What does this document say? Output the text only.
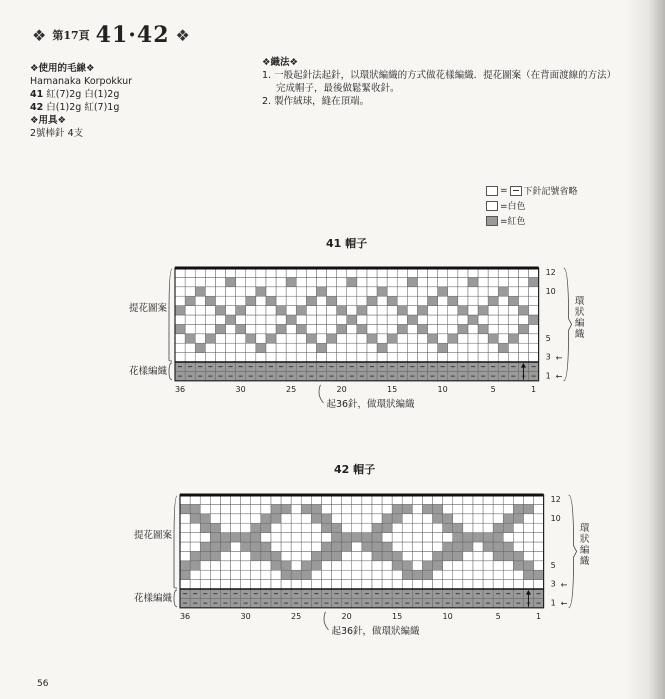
❖ 第17頁 41·42 ❖
❖使用的毛線❖
Hamanaka Korpokkur
41 紅(7)2g 白(1)2g
42 白(1)2g 紅(7)1g
❖用具❖
2號棒針 4支
❖織法❖
1. 一般起針法起針，以環狀編織的方式做花樣編織．提花圖案（在背面渡線的方法）
完成帽子，最後做鬆緊收針。
2. 製作絨球，縫在頂端。
= 下針記號省略
=白色
=紅色
41 帽子
12
10
5
3
1 ←
←
36	30	25	20	15	10	5	1
提花圖案
花樣編織
環
狀
編
織
起36針，做環狀編織
42 帽子
12
10
5
3
1 ←
←
36	30	25	20	15	10	5	1
提花圖案
花樣編織
環
狀
編
織
起36針，做環狀編織
56
